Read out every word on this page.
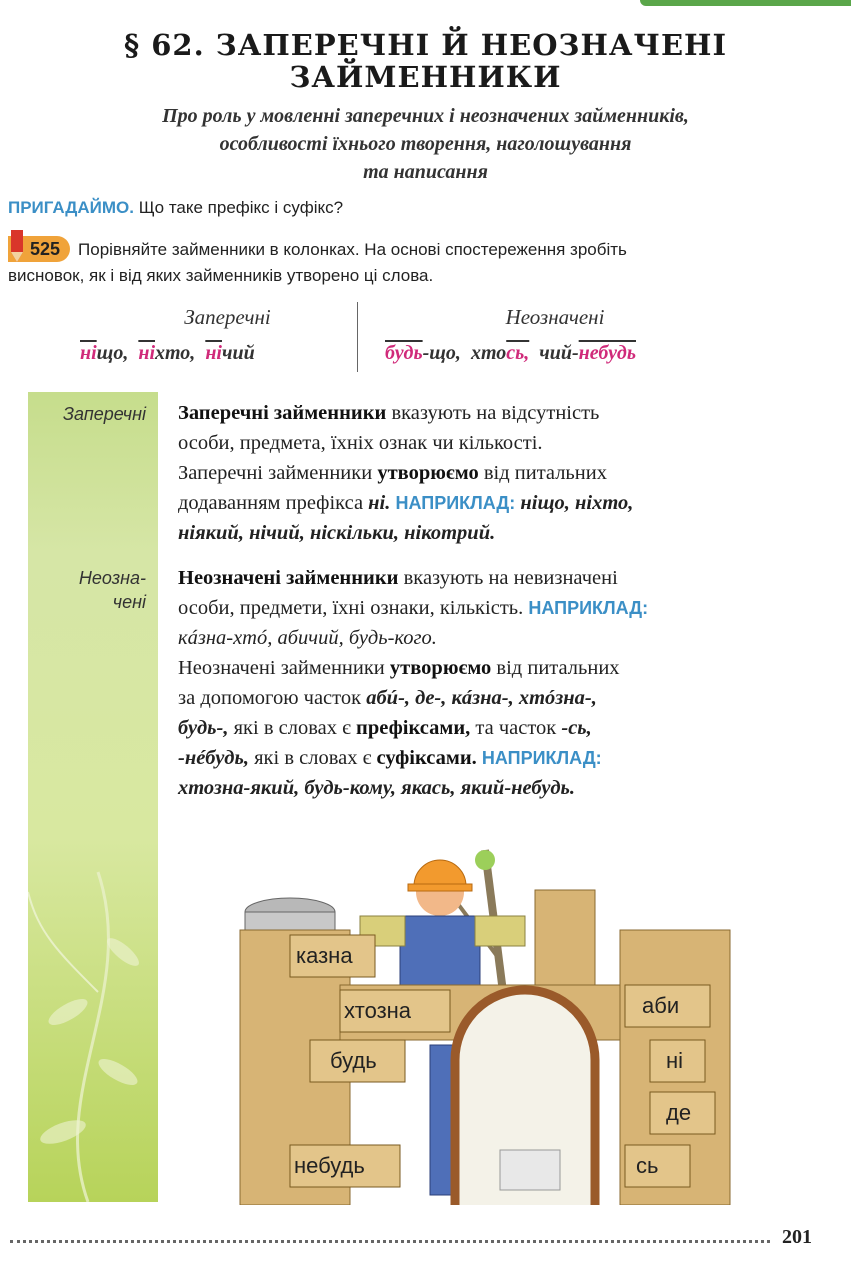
§ 62. ЗАПЕРЕЧНІ Й НЕОЗНАЧЕНІ
ЗАЙМЕННИКИ
Про роль у мовленні заперечних і неозначених займенників,
особливості їхнього творення, наголошування
та написання
ПРИГАДАЙМО. Що таке префікс і суфікс?
525 Порівняйте займенники в колонках. На основі спостереження зробіть
висновок, як і від яких займенників утворено ці слова.
Заперечні	Неозначені
ніщо, ніхто, нічий	будь-що, хтось, чий-небудь
Заперечні
Неозна-
чені
Заперечні займенники вказують на відсутність
особи, предмета, їхніх ознак чи кількості.
Заперечні займенники утворюємо від питальних
додаванням префікса ні. НАПРИКЛАД: ніщо, ніхто,
ніякий, нічий, ніскільки, нікотрий.
Неозначені займенники вказують на невизначені
особи, предмети, їхні ознаки, кількість. НАПРИКЛАД:
кáзна-хтó, абичий, будь-кого.
Неозначені займенники утворюємо від питальних
за допомогою часток абú-, де-, кáзна-, хтóзна-,
будь-, які в словах є префіксами, та часток -сь,
-нéбудь, які в словах є суфіксами. НАПРИКЛАД:
хтозна-який, будь-кому, якась, який-небудь.
казна
хтозна
будь
небудь
аби
ні
де
сь
201
